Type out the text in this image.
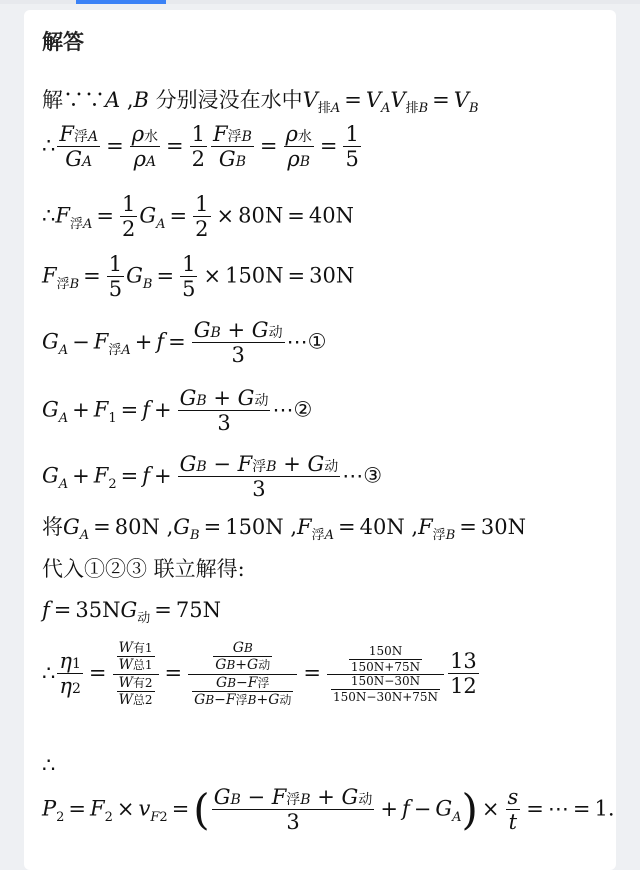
解答
解∵∵A ,B 分别浸没在水中$V_{排A} = V_AV_{排B} = V_B$
∴ $\frac{\text{F浮A}}{GA} = \frac{\text{ρ水}}{\rho A} = \frac{1}{2} \frac{\text{F浮B}}{GB} = \frac{\text{ρ水}}{\rho B} = \frac{1}{5}$
$\therefore F_{浮A} = \frac{1}{2} G_A = \frac{1}{2} \times 80N = 40N$
$F_{浮B} = \frac{1}{5} G_B = \frac{1}{5} \times 150N = 30N$
$G_A - F_{浮A} + f = \frac{\text{GB + G动}}{3}$ ⋯①
$G_A + F_1 = f + \frac{\text{GB + G动}}{3}$ ⋯②
$G_A + F_2 = f + \frac{\text{GB − F浮B + G动}}{3}$ ⋯③
将$G_A = 80N$ $,G_B = 150N$ $,F_{浮A} = 40N$ $,F_{浮B} = 30N$
代入①②③ 联立解得:
$f = 35NG_动 = 75N$
∴ $\frac{\eta 1}{\eta 2} = \frac{\frac{\text{W有1}}{\text{W总1}}}{\frac{\text{W有2}}{\text{W总2}}} = \frac{\frac{GB}{\text{GB+G动}}}{\frac{\text{GB−F浮}}{\text{GB−F浮B+G动}}} = \frac{\frac{150N}{150N+75N}}{\frac{150N-30N}{150N-30N+75N}} \frac{13}{12}$
∴
$P_2 = F_2 \times v_{F2}$ =( $\frac{\text{GB − F浮B + G动}}{3} + f - G_A) \times \frac{s}{t}$ = ⋯ = 1.
